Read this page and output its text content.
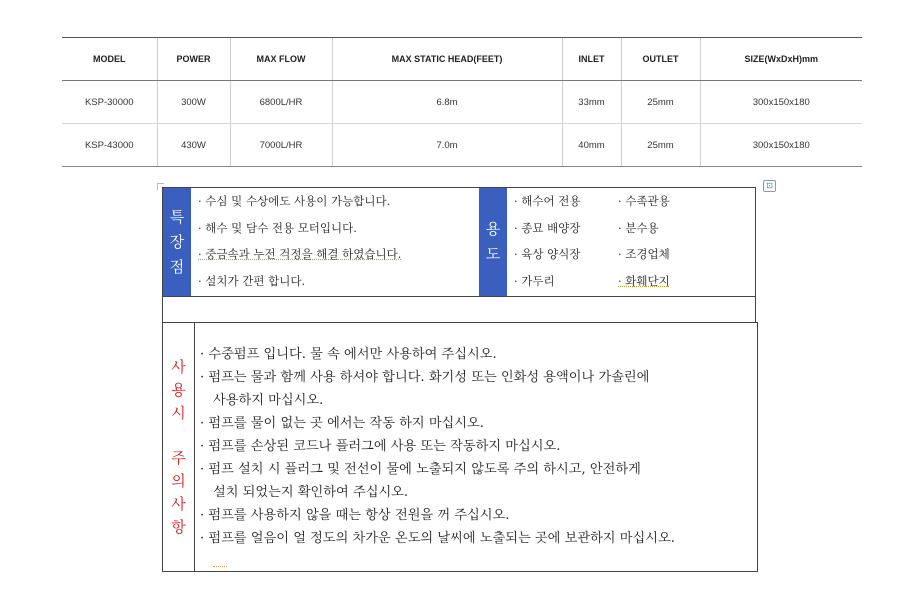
MODEL	POWER	MAX FLOW	MAX STATIC HEAD(FEET)	INLET	OUTLET	SIZE(WxDxH)mm
KSP-30000	300W	6800L/HR	6.8m	33mm	25mm	300x150x180
KSP-43000	430W	7000L/HR	7.0m	40mm	25mm	300x150x180
⊡
특
장
점
· 수심 및 수상에도 사용이 가능합니다.
· 해수 및 담수 전용 모터입니다.
· 중금속과 누전 걱정을 해결 하였습니다.
· 설치가 간편 합니다.
용
도
· 해수어 전용
· 종묘 배양장
· 육상 양식장
· 가두리
· 수족관용
· 분수용
· 조경업체
· 화훼단지
사
용
시
주
의
사
항
· 수중펌프 입니다. 물 속 에서만 사용하여 주십시오.
· 펌프는 물과 함께 사용 하셔야 합니다. 화기성 또는 인화성 용액이나 가솔린에
사용하지 마십시오.
· 펌프를 물이 없는 곳 에서는 작동 하지 마십시오.
· 펌프를 손상된 코드나 플러그에 사용 또는 작동하지 마십시오.
· 펌프 설치 시 플러그 및 전선이 물에 노출되지 않도록 주의 하시고, 안전하게
설치 되었는지 확인하여 주십시오.
· 펌프를 사용하지 않을 때는 항상 전원을 꺼 주십시오.
· 펌프를 얼음이 얼 정도의 차가운 온도의 날씨에 노출되는 곳에 보관하지 마십시오.
